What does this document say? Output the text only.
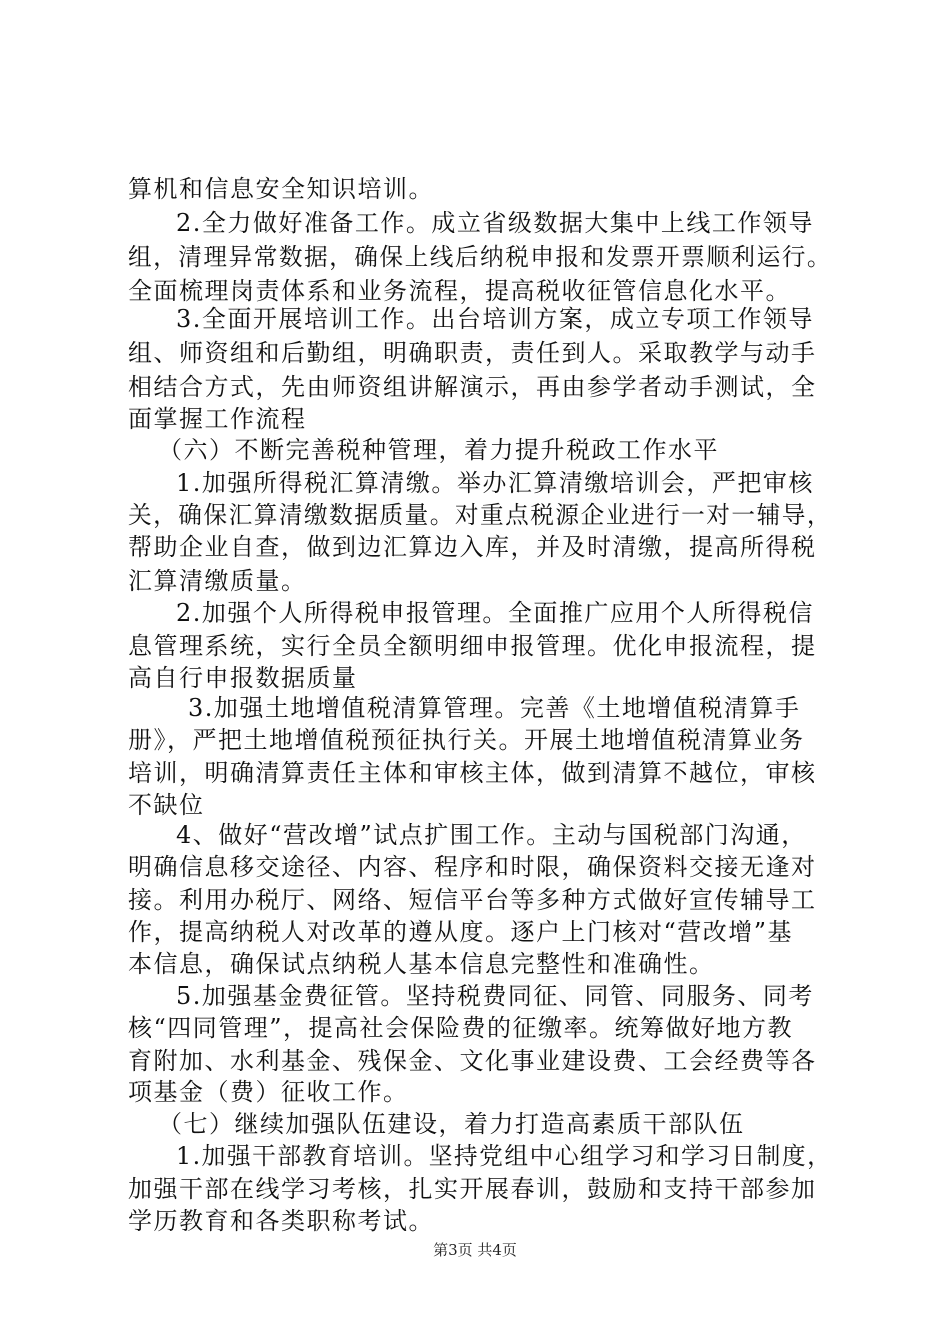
算机和信息安全知识培训。
2.全力做好准备工作。成立省级数据大集中上线工作领导
组，清理异常数据，确保上线后纳税申报和发票开票顺利运行。
全面梳理岗责体系和业务流程，提高税收征管信息化水平。
3.全面开展培训工作。出台培训方案，成立专项工作领导
组、师资组和后勤组，明确职责，责任到人。采取教学与动手
相结合方式，先由师资组讲解演示，再由参学者动手测试，全
面掌握工作流程
（六）不断完善税种管理，着力提升税政工作水平
1.加强所得税汇算清缴。举办汇算清缴培训会，严把审核
关，确保汇算清缴数据质量。对重点税源企业进行一对一辅导，
帮助企业自查，做到边汇算边入库，并及时清缴，提高所得税
汇算清缴质量。
2.加强个人所得税申报管理。全面推广应用个人所得税信
息管理系统，实行全员全额明细申报管理。优化申报流程，提
高自行申报数据质量
3.加强土地增值税清算管理。完善《土地增值税清算手
册》，严把土地增值税预征执行关。开展土地增值税清算业务
培训，明确清算责任主体和审核主体，做到清算不越位，审核
不缺位
4、做好“营改增”试点扩围工作。主动与国税部门沟通，
明确信息移交途径、内容、程序和时限，确保资料交接无逢对
接。利用办税厅、网络、短信平台等多种方式做好宣传辅导工
作，提高纳税人对改革的遵从度。逐户上门核对“营改增”基
本信息，确保试点纳税人基本信息完整性和准确性。
5.加强基金费征管。坚持税费同征、同管、同服务、同考
核“四同管理”，提高社会保险费的征缴率。统筹做好地方教
育附加、水利基金、残保金、文化事业建设费、工会经费等各
项基金（费）征收工作。
（七）继续加强队伍建设，着力打造高素质干部队伍
1.加强干部教育培训。坚持党组中心组学习和学习日制度，
加强干部在线学习考核，扎实开展春训，鼓励和支持干部参加
学历教育和各类职称考试。
第3页 共4页
